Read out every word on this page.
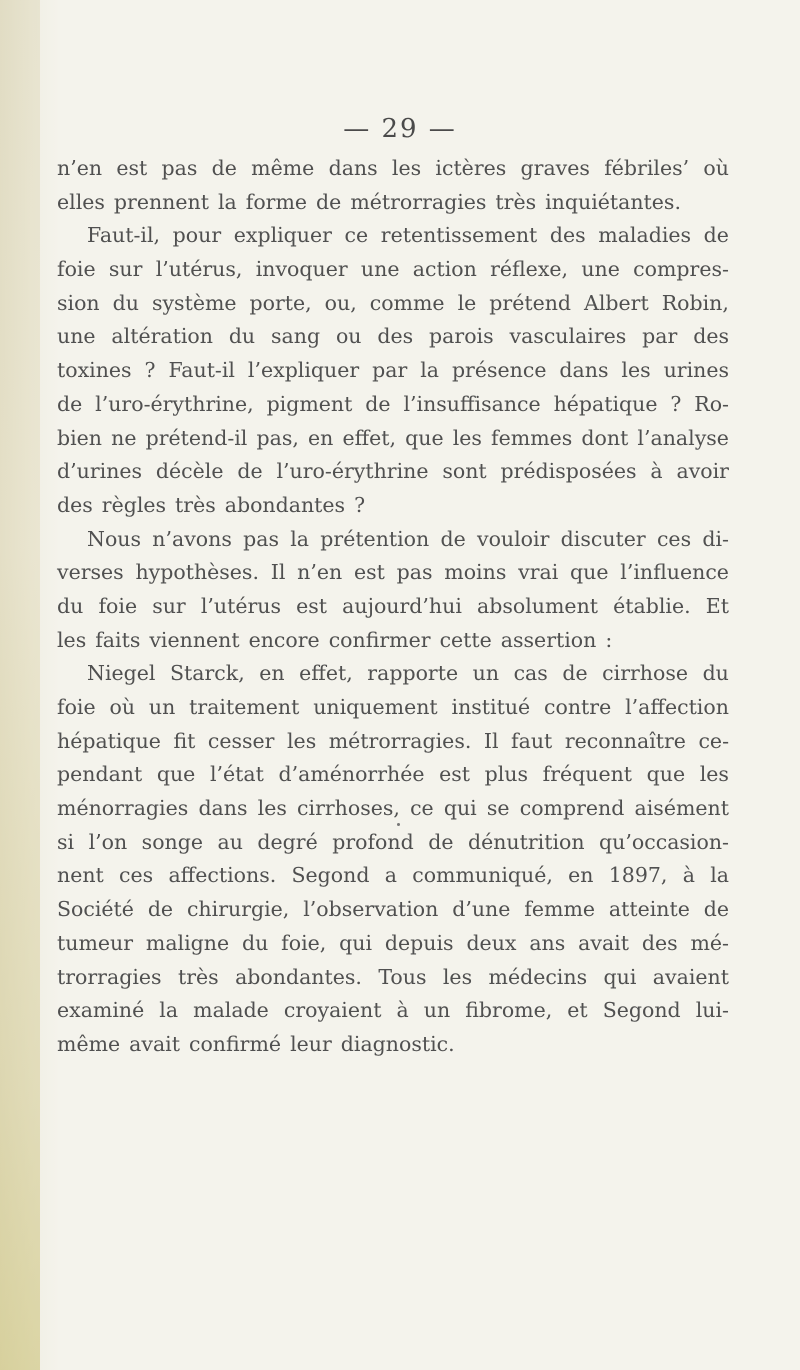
— 29 —
n’en est pas de même dans les ictères graves fébriles’ où
elles prennent la forme de métrorragies très inquiétantes.
Faut-il, pour expliquer ce retentissement des maladies de
foie sur l’utérus, invoquer une action réflexe, une compres-
sion du système porte, ou, comme le prétend Albert Robin,
une altération du sang ou des parois vasculaires par des
toxines ? Faut-il l’expliquer par la présence dans les urines
de l’uro-érythrine, pigment de l’insuffisance hépatique ? Ro-
bien ne prétend-il pas, en effet, que les femmes dont l’analyse
d’urines décèle de l’uro-érythrine sont prédisposées à avoir
des règles très abondantes ?
Nous n’avons pas la prétention de vouloir discuter ces di-
verses hypothèses. Il n’en est pas moins vrai que l’influence
du foie sur l’utérus est aujourd’hui absolument établie. Et
les faits viennent encore confirmer cette assertion :
Niegel Starck, en effet, rapporte un cas de cirrhose du
foie où un traitement uniquement institué contre l’affection
hépatique fit cesser les métrorragies. Il faut reconnaître ce-
pendant que l’état d’aménorrhée est plus fréquent que les
ménorragies dans les cirrhoses, ce qui se comprend aisément
si l’on songe au degré profond de dénutrition qu’occasion-
nent ces affections. Segond a communiqué, en 1897, à la
Société de chirurgie, l’observation d’une femme atteinte de
tumeur maligne du foie, qui depuis deux ans avait des mé-
trorragies très abondantes. Tous les médecins qui avaient
examiné la malade croyaient à un fibrome, et Segond lui-
même avait confirmé leur diagnostic.
